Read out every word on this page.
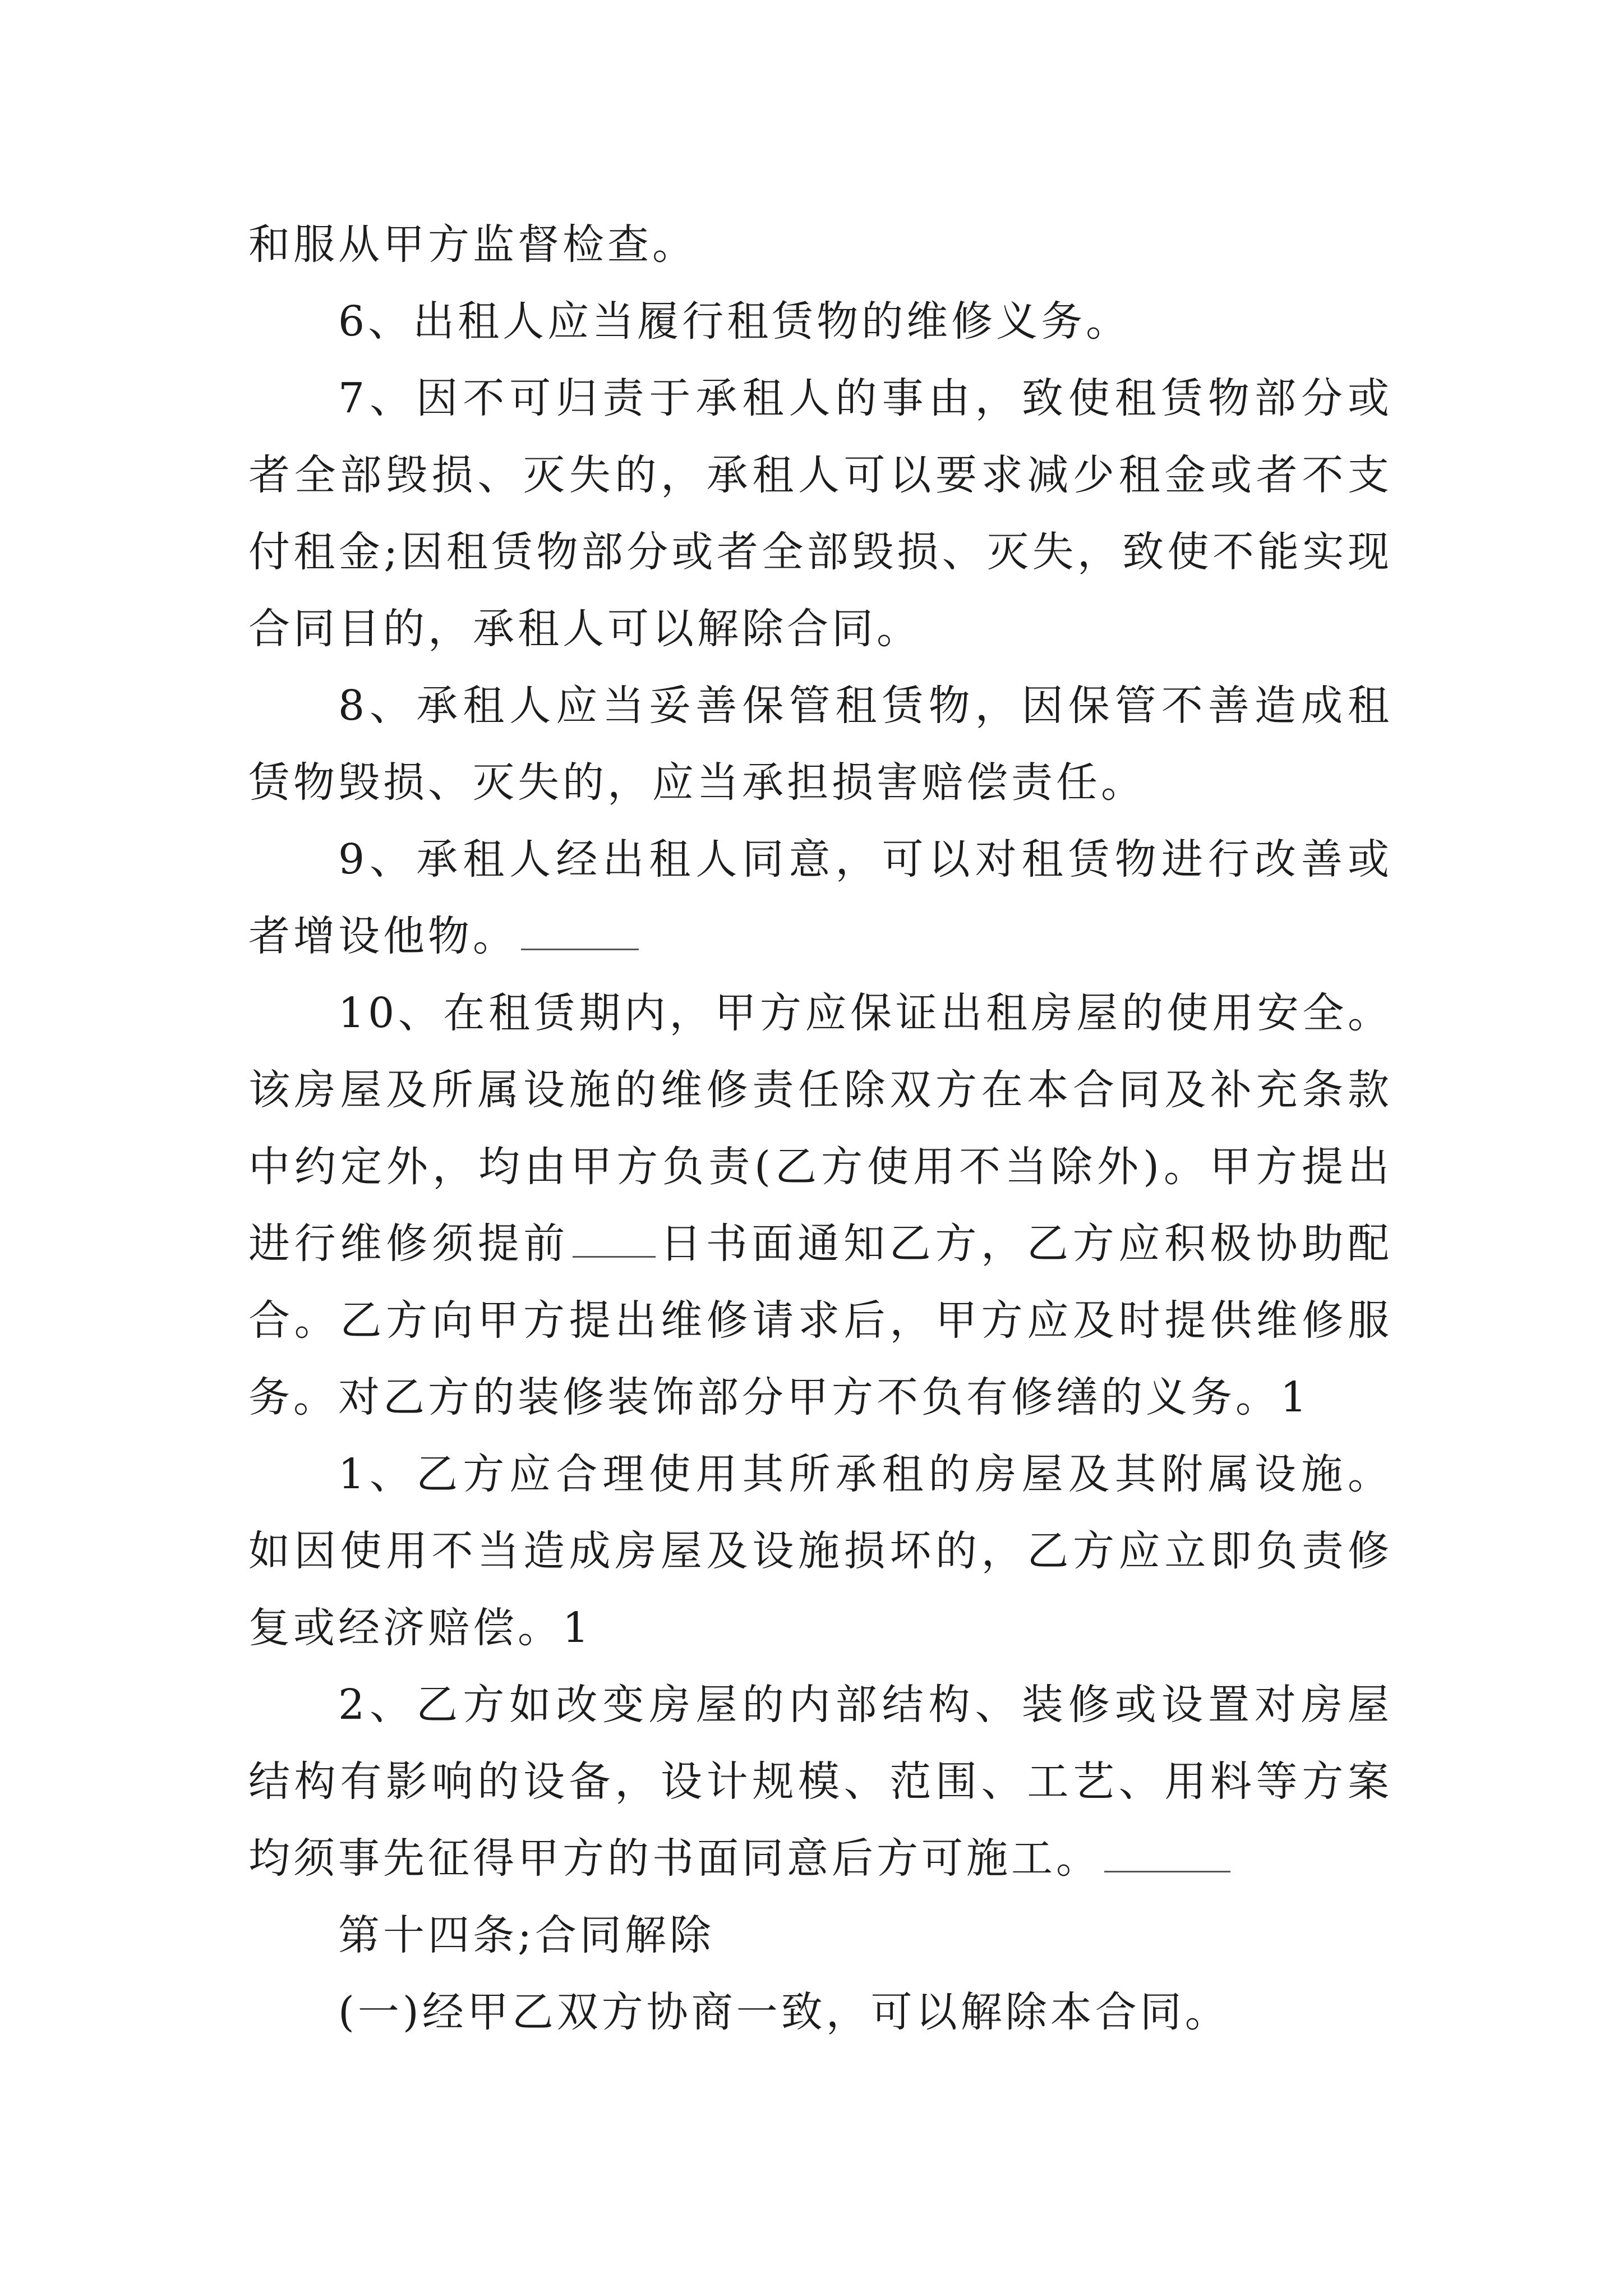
和服从甲方监督检查。

6、出租人应当履行租赁物的维修义务。

7、因不可归责于承租人的事由，致使租赁物部分或者全部毁损、灭失的，承租人可以要求减少租金或者不支付租金;因租赁物部分或者全部毁损、灭失，致使不能实现合同目的，承租人可以解除合同。

8、承租人应当妥善保管租赁物，因保管不善造成租赁物毁损、灭失的，应当承担损害赔偿责任。

9、承租人经出租人同意，可以对租赁物进行改善或者增设他物。

10、在租赁期内，甲方应保证出租房屋的使用安全。该房屋及所属设施的维修责任除双方在本合同及补充条款中约定外，均由甲方负责(乙方使用不当除外)。甲方提出进行维修须提前 日书面通知乙方，乙方应积极协助配合。乙方向甲方提出维修请求后，甲方应及时提供维修服务。对乙方的装修装饰部分甲方不负有修缮的义务。1

1、乙方应合理使用其所承租的房屋及其附属设施。如因使用不当造成房屋及设施损坏的，乙方应立即负责修复或经济赔偿。1

2、乙方如改变房屋的内部结构、装修或设置对房屋结构有影响的设备，设计规模、范围、工艺、用料等方案均须事先征得甲方的书面同意后方可施工。

第十四条;合同解除

(一)经甲乙双方协商一致，可以解除本合同。
